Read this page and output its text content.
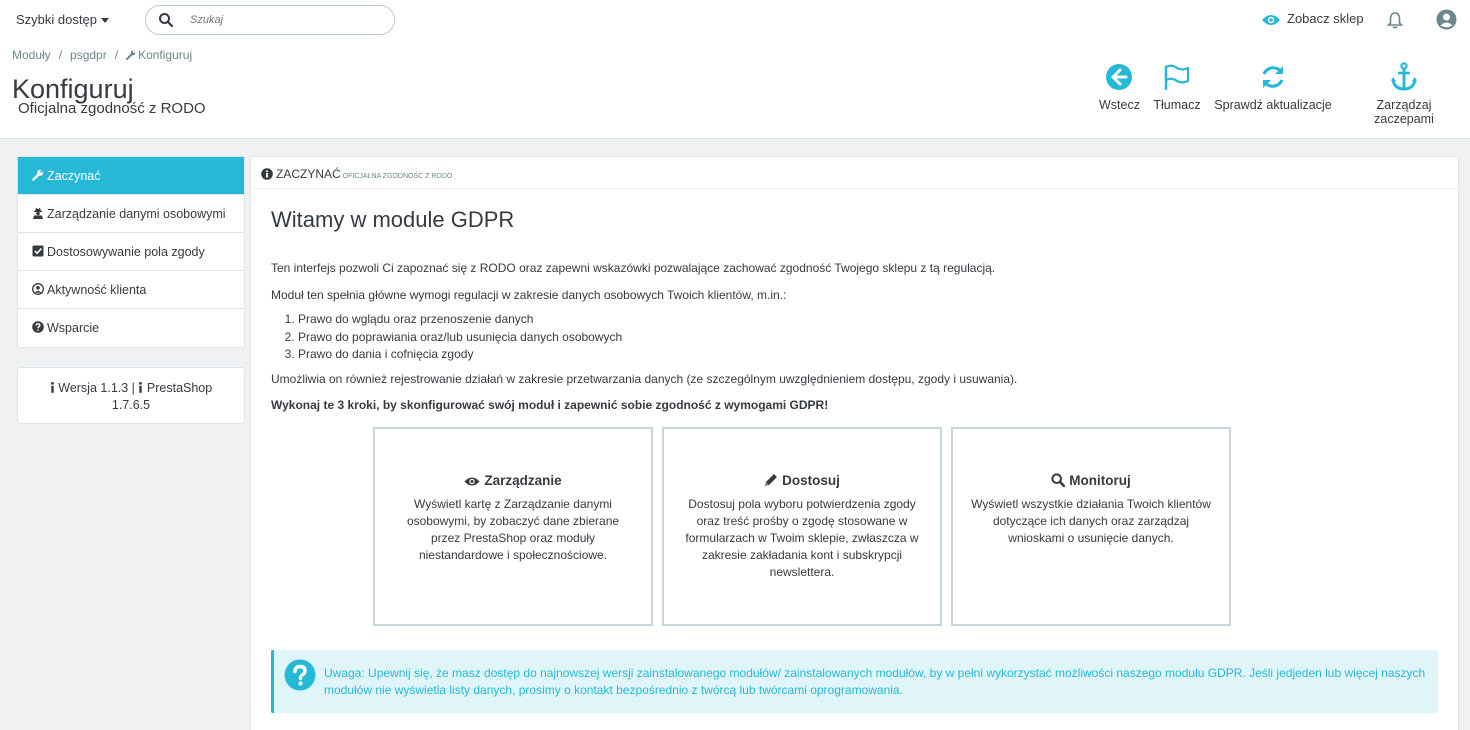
Szybki dostęp
Szukaj	Zobacz sklep
Moduły / psgdpr / Konfiguruj
Konfiguruj
Oficjalna zgodność z RODO	Wstecz Tłumacz Sprawdź aktualizacje	Zarządzaj zaczepami
Zaczynać
Zarządzanie danymi osobowymi
Dostosowywanie pola zgody
Aktywność klienta
Wsparcie
Wersja 1.1.3 | PrestaShop
1.7.6.5
ZACZYNAĆ OFICJALNA ZGODNOŚĆ Z RODO
Witamy w module GDPR
Ten interfejs pozwoli Ci zapoznać się z RODO oraz zapewni wskazówki pozwalające zachować zgodność Twojego sklepu z tą regulacją.
Moduł ten spełnia główne wymogi regulacji w zakresie danych osobowych Twoich klientów, m.in.:
1. Prawo do wglądu oraz przenoszenie danych
2. Prawo do poprawiania oraz/lub usunięcia danych osobowych
3. Prawo do dania i cofnięcia zgody
Umożliwia on również rejestrowanie działań w zakresie przetwarzania danych (ze szczególnym uwzględnieniem dostępu, zgody i usuwania).
Wykonaj te 3 kroki, by skonfigurować swój moduł i zapewnić sobie zgodność z wymogami GDPR!
Zarządzanie
Wyświetl kartę z Zarządzanie danymi osobowymi, by zobaczyć dane zbierane przez PrestaShop oraz moduły niestandardowe i społecznościowe.
Dostosuj
Dostosuj pola wyboru potwierdzenia zgody oraz treść prośby o zgodę stosowane w formularzach w Twoim sklepie, zwłaszcza w zakresie zakładania kont i subskrypcji newslettera.
Monitoruj
Wyświetl wszystkie działania Twoich klientów dotyczące ich danych oraz zarządzaj wnioskami o usunięcie danych.
Uwaga: Upewnij się, że masz dostęp do najnowszej wersji zainstalowanego modułów/ zainstalowanych modułów, by w pełni wykorzystać możliwości naszego modułu GDPR. Jeśli jedjeden lub więcej naszych modułów nie wyświetla listy danych, prosimy o kontakt bezpośrednio z twórcą lub twórcami oprogramowania.
